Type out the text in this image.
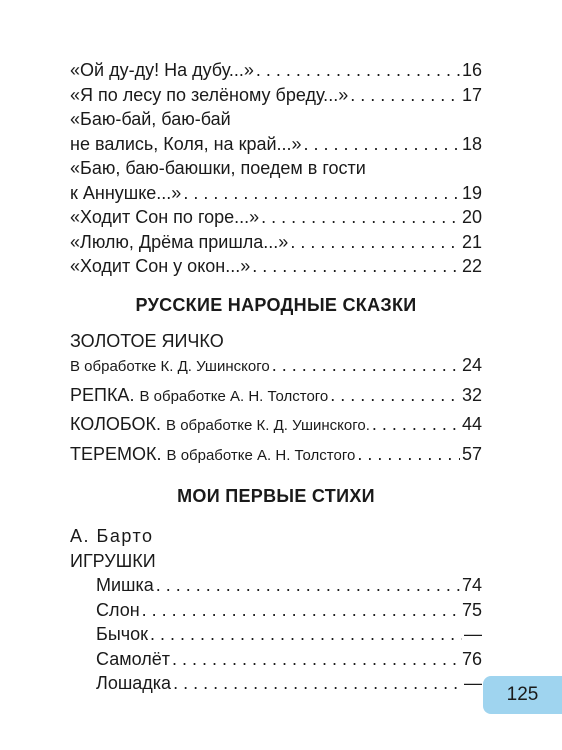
«Ой ду-ду! На дубу...» . . .	16
«Я по лесу по зелёному бреду...» . . .	17
«Баю-бай, баю-бай
не вались, Коля, на край...» . . .	18
«Баю, баю-баюшки, поедем в гости
к Аннушке...» . . .	19
«Ходит Сон по горе...» . . .	20
«Люлю, Дрёма пришла...» . . .	21
«Ходит Сон у окон...» . . .	22
РУССКИЕ НАРОДНЫЕ СКАЗКИ
ЗОЛОТОЕ ЯИЧКО
В обработке К. Д. Ушинского . . .	24
РЕПКА. В обработке А. Н. Толстого . . .	32
КОЛОБОК. В обработке К. Д. Ушинского. . . .	44
ТЕРЕМОК. В обработке А. Н. Толстого . . .	57
МОИ ПЕРВЫЕ СТИХИ
А. Барто
ИГРУШКИ
Мишка . . .	74
Слон . . .	75
Бычок . . .	—
Самолёт . . .	76
Лошадка . . .	—
125
